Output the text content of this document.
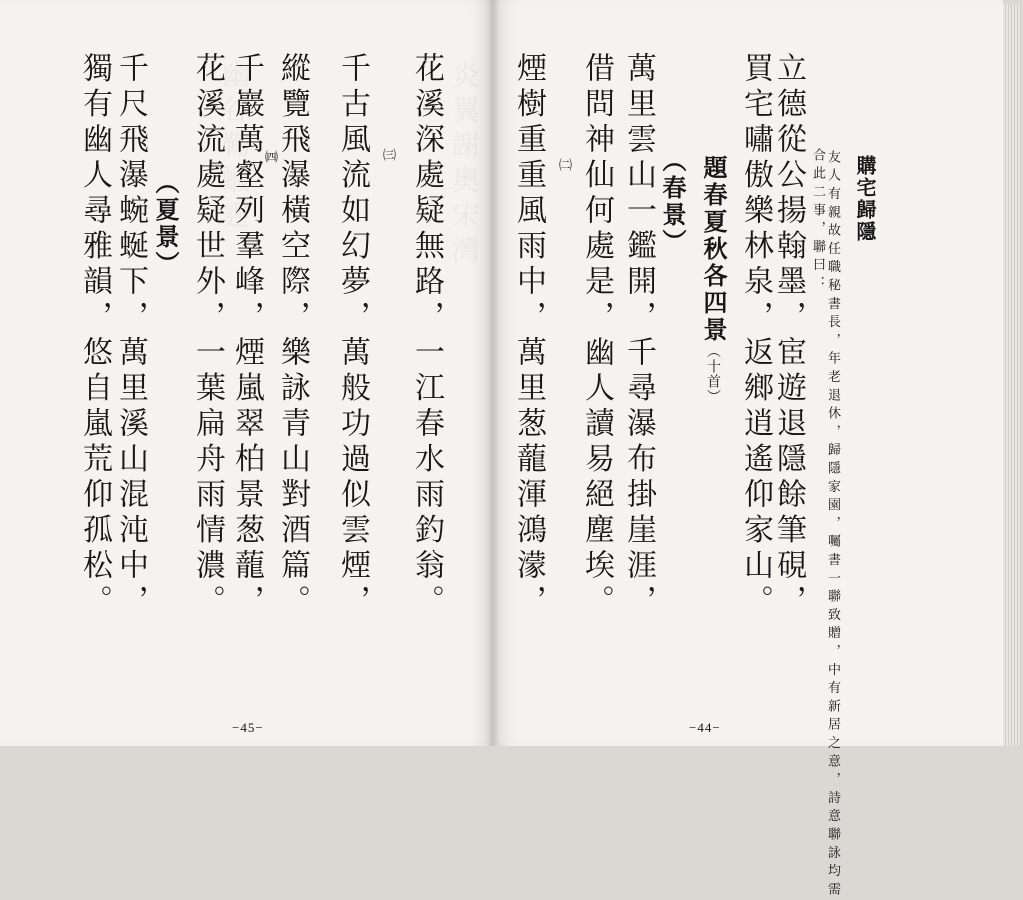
花溪深處疑無路，一江春水雨釣翁。
㈢
千古風流如幻夢，萬般功過似雲煙，
縱覽飛瀑橫空際，樂詠青山對酒篇。
㈣
千巖萬壑列羣峰，煙嵐翠柏景葱蘢，
花溪流處疑世外，一葉扁舟雨情濃。
（夏景）
千尺飛瀑蜿蜒下，萬里溪山混沌中，
獨有幽人尋雅韻，悠自嵐荒仰孤松。
−45−
購宅歸隱
友人有親故任職秘書長，年老退休，歸隱家園，囑書一聯致贈，中有新居之意，詩意聯詠均需
合此二事，聯曰：
立德從公揚翰墨，宦遊退隱餘筆硯，
買宅嘯傲樂林泉，返鄉逍遙仰家山。
題春夏秋各四景（十首）
（春景）
萬里雲山一鑑開，千尋瀑布掛崖涯，
借問神仙何處是，幽人讀易絕塵埃。
㈡
煙樹重重風雨中，萬里葱蘢渾鴻濛，
−44−
